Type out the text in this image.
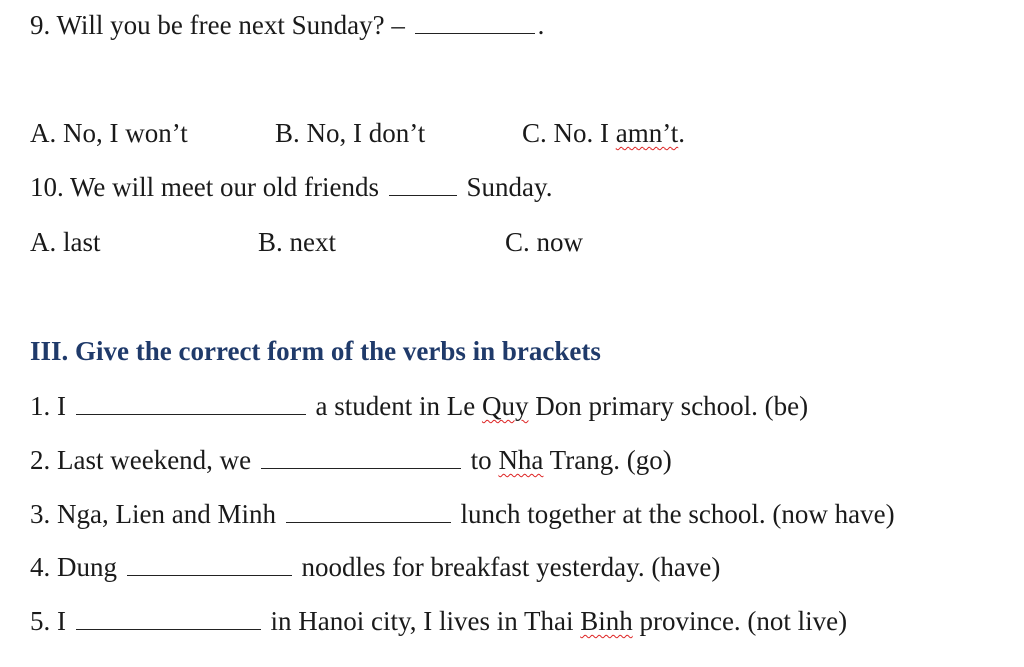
9. Will you be free next Sunday? –	.
A. No, I won’t	B. No, I don’t	C. No. I amn’t.
10. We will meet our old friends	Sunday.
A. last	B. next	C. now
III. Give the correct form of the verbs in brackets
1. I	a student in Le Quy Don primary school. (be)
2. Last weekend, we	to Nha Trang. (go)
3. Nga, Lien and Minh	lunch together at the school. (now have)
4. Dung	noodles for breakfast yesterday. (have)
5. I	in Hanoi city, I lives in Thai Binh province. (not live)
